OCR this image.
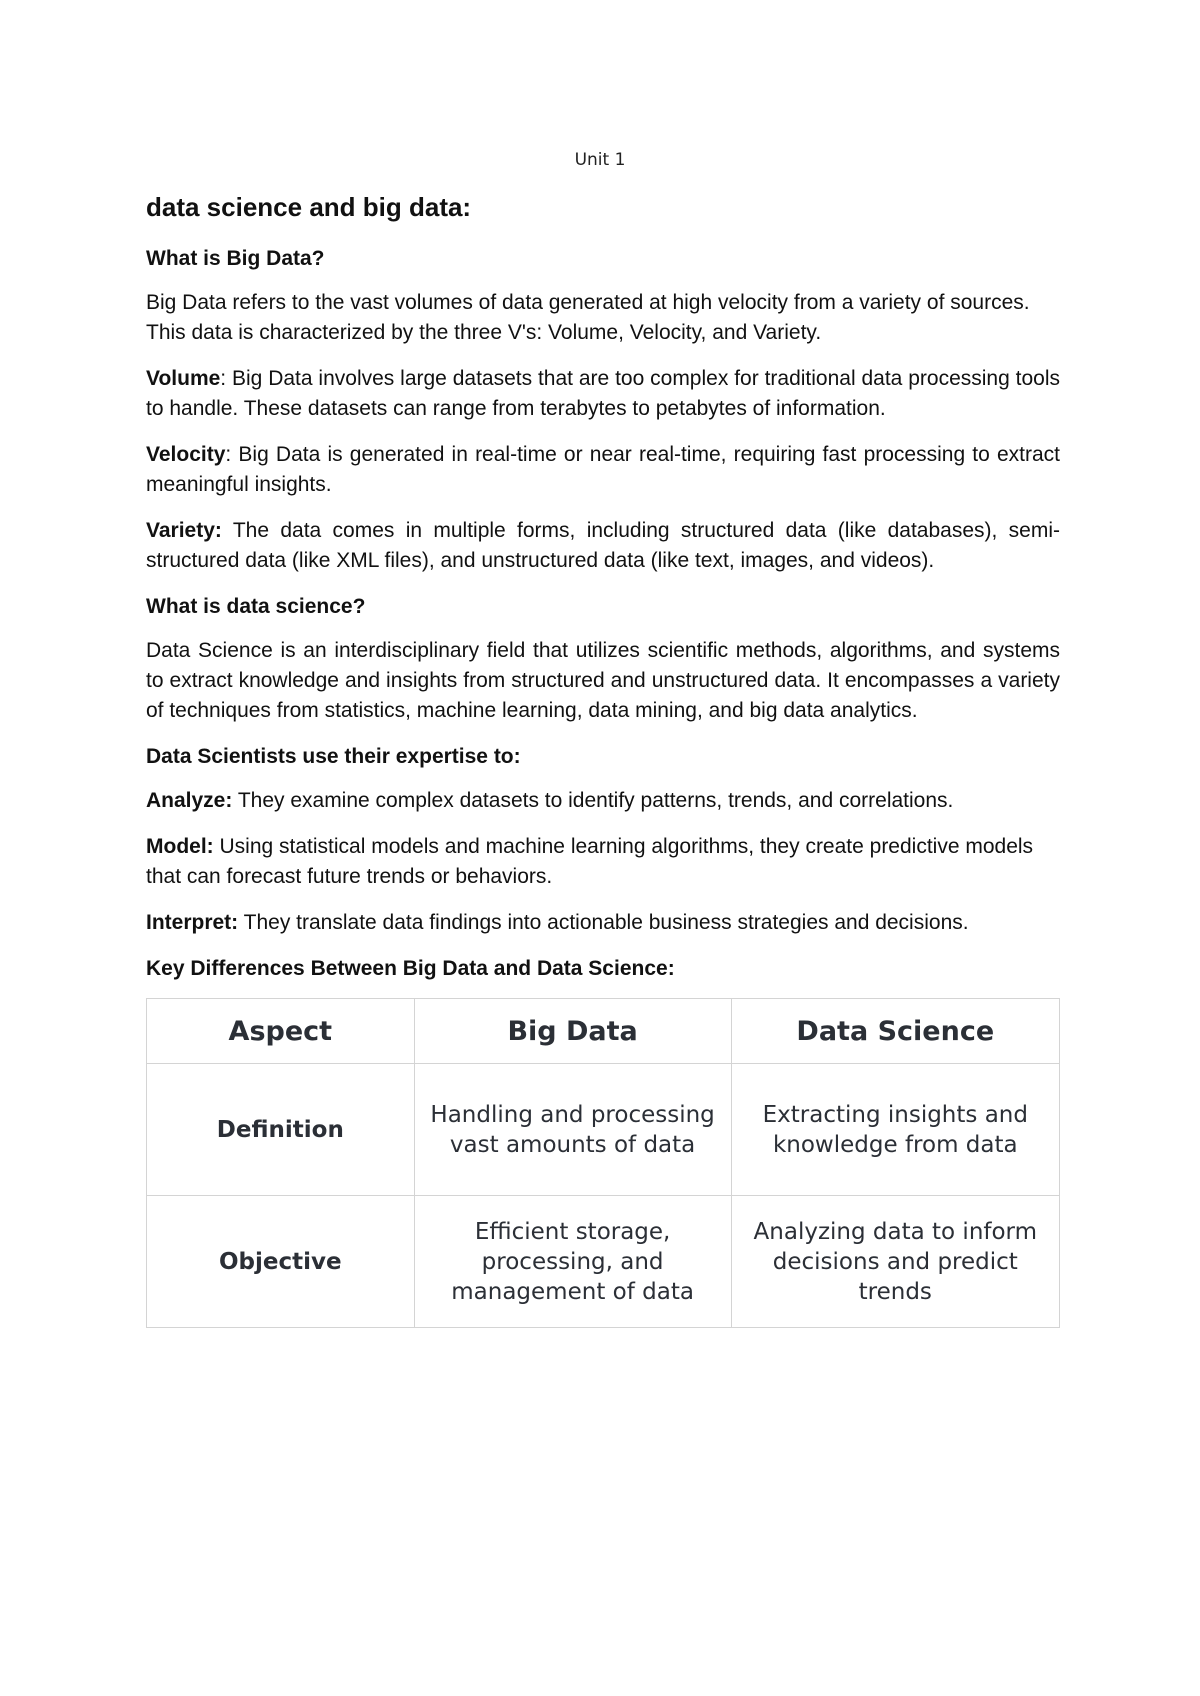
Unit 1
data science and big data:
What is Big Data?

Big Data refers to the vast volumes of data generated at high velocity from a variety of sources. This data is characterized by the three V's: Volume, Velocity, and Variety.

Volume: Big Data involves large datasets that are too complex for traditional data processing tools to handle. These datasets can range from terabytes to petabytes of information.

Velocity: Big Data is generated in real-time or near real-time, requiring fast processing to extract meaningful insights.

Variety: The data comes in multiple forms, including structured data (like databases), semi-structured data (like XML files), and unstructured data (like text, images, and videos).

What is data science?

Data Science is an interdisciplinary field that utilizes scientific methods, algorithms, and systems to extract knowledge and insights from structured and unstructured data. It encompasses a variety of techniques from statistics, machine learning, data mining, and big data analytics.

Data Scientists use their expertise to:

Analyze: They examine complex datasets to identify patterns, trends, and correlations.

Model: Using statistical models and machine learning algorithms, they create predictive models that can forecast future trends or behaviors.

Interpret: They translate data findings into actionable business strategies and decisions.

Key Differences Between Big Data and Data Science:
Aspect	Big Data	Data Science
Definition	Handling and processing vast amounts of data	Extracting insights and knowledge from data
Objective	Efficient storage, processing, and management of data	Analyzing data to inform decisions and predict trends
